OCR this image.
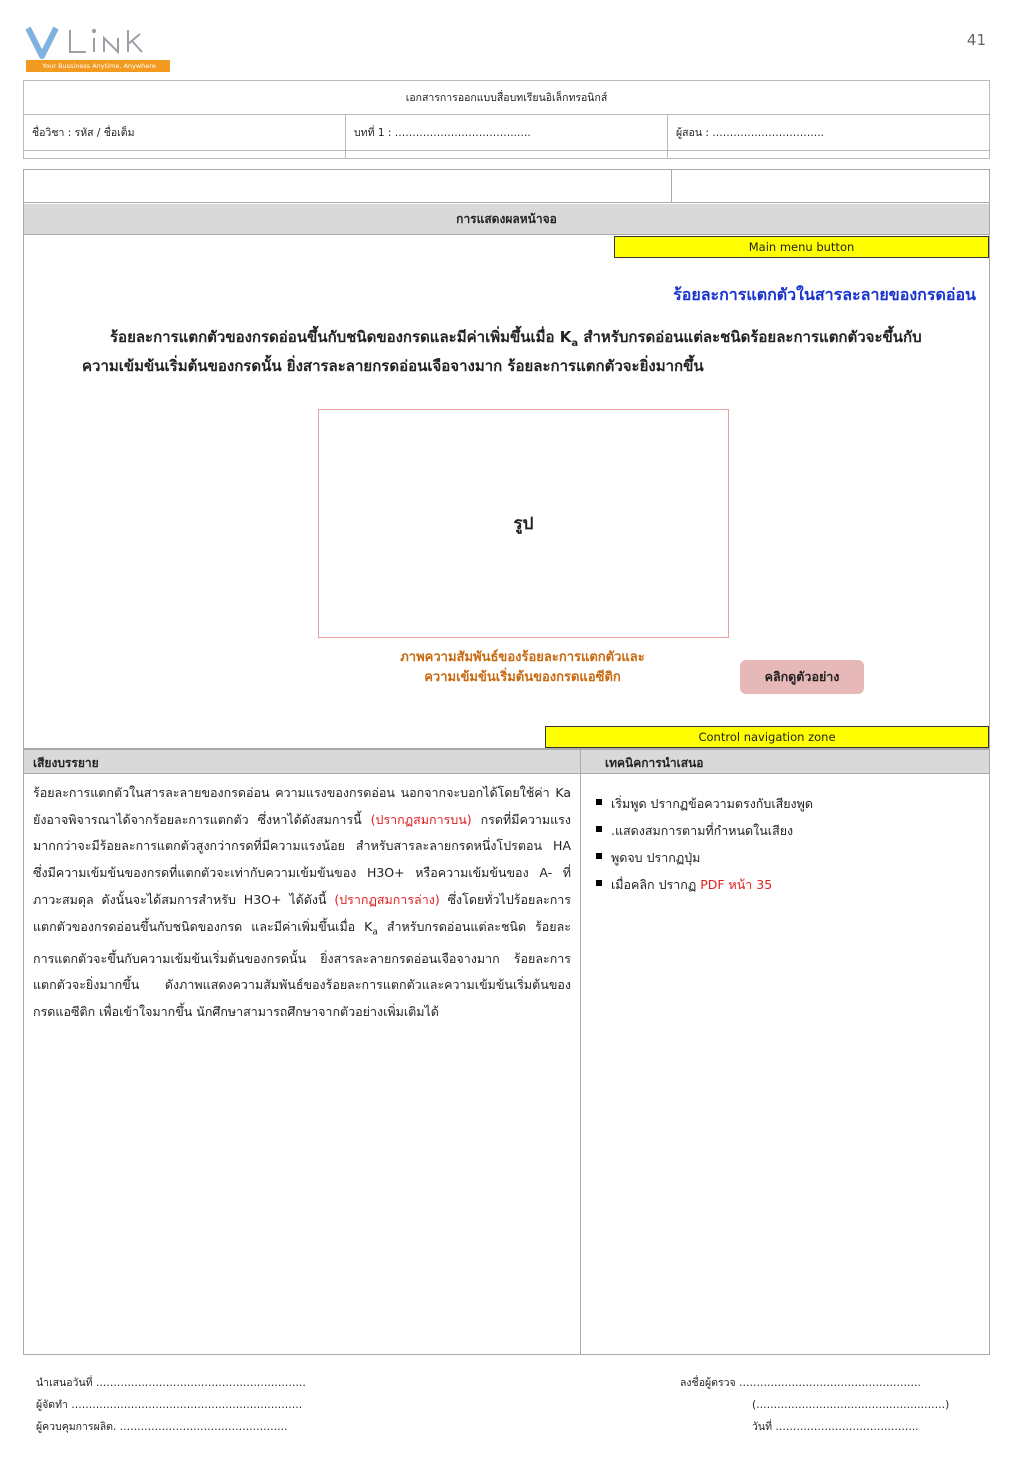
Your Bussiness Anytime, Anywhere
41
เอกสารการออกแบบสื่อบทเรียนอิเล็กทรอนิกส์		
ชื่อวิชา : รหัส / ชื่อเต็ม	บทที่ 1 : ……………………………..….	ผู้สอน : …………………………..

การแสดงผลหน้าจอ
Main menu button
ร้อยละการแตกตัวในสารละลายของกรดอ่อน
ร้อยละการแตกตัวของกรดอ่อนขึ้นกับชนิดของกรดและมีค่าเพิ่มขึ้นเมื่อ $K_a$ สำหรับกรดอ่อนแต่ละชนิดร้อยละการแตกตัวจะขึ้นกับความเข้มข้นเริ่มต้นของกรดนั้น ยิ่งสารละลายกรดอ่อนเจือจางมาก ร้อยละการแตกตัวจะยิ่งมากขึ้น
รูป
ภาพความสัมพันธ์ของร้อยละการแตกตัวและ
ความเข้มข้นเริ่มต้นของกรดแอซีติก	คลิกดูตัวอย่าง
Control navigation zone
เสียงบรรยาย	เทคนิคการนำเสนอ
ร้อยละการแตกตัวในสารละลายของกรดอ่อน ความแรงของกรดอ่อน นอกจากจะบอกได้โดยใช้ค่า Ka ยังอาจพิจารณาได้จากร้อยละการแตกตัว ซึ่งหาได้ดังสมการนี้ (ปรากฏสมการบน) กรดที่มีความแรงมากกว่าจะมีร้อยละการแตกตัวสูงกว่ากรดที่มีความแรงน้อย สำหรับสารละลายกรดหนึ่งโปรตอน HA ซึ่งมีความเข้มข้นของกรดที่แตกตัวจะเท่ากับความเข้มข้นของ H3O+ หรือความเข้มข้นของ A- ที่ภาวะสมดุล ดังนั้นจะได้สมการสำหรับ H3O+ ได้ดังนี้ (ปรากฏสมการล่าง) ซึ่งโดยทั่วไปร้อยละการแตกตัวของกรดอ่อนขึ้นกับชนิดของกรด และมีค่าเพิ่มขึ้นเมื่อ $K_a$ สำหรับกรดอ่อนแต่ละชนิด ร้อยละการแตกตัวจะขึ้นกับความเข้มข้นเริ่มต้นของกรดนั้น ยิ่งสารละลายกรดอ่อนเจือจางมาก ร้อยละการแตกตัวจะยิ่งมากขึ้น ดังภาพแสดงความสัมพันธ์ของร้อยละการแตกตัวและความเข้มข้นเริ่มต้นของกรดแอซีติก เพื่อเข้าใจมากขึ้น นักศึกษาสามารถศึกษาจากตัวอย่างเพิ่มเติมได้
เริ่มพูด ปรากฏข้อความตรงกับเสียงพูด
.แสดงสมการตามที่กำหนดในเสียง
พูดจบ ปรากฏปุ่ม
เมื่อคลิก ปรากฏ PDF หน้า 35
นำเสนอวันที่ ……………………………………………………
ผู้จัดทำ …………………………………………………………
ผู้ควบคุมการผลิต. …………………………………………
ลงชื่อผู้ตรวจ …………………………………………….
(………………………………………………)
วันที่ …………………………………..
